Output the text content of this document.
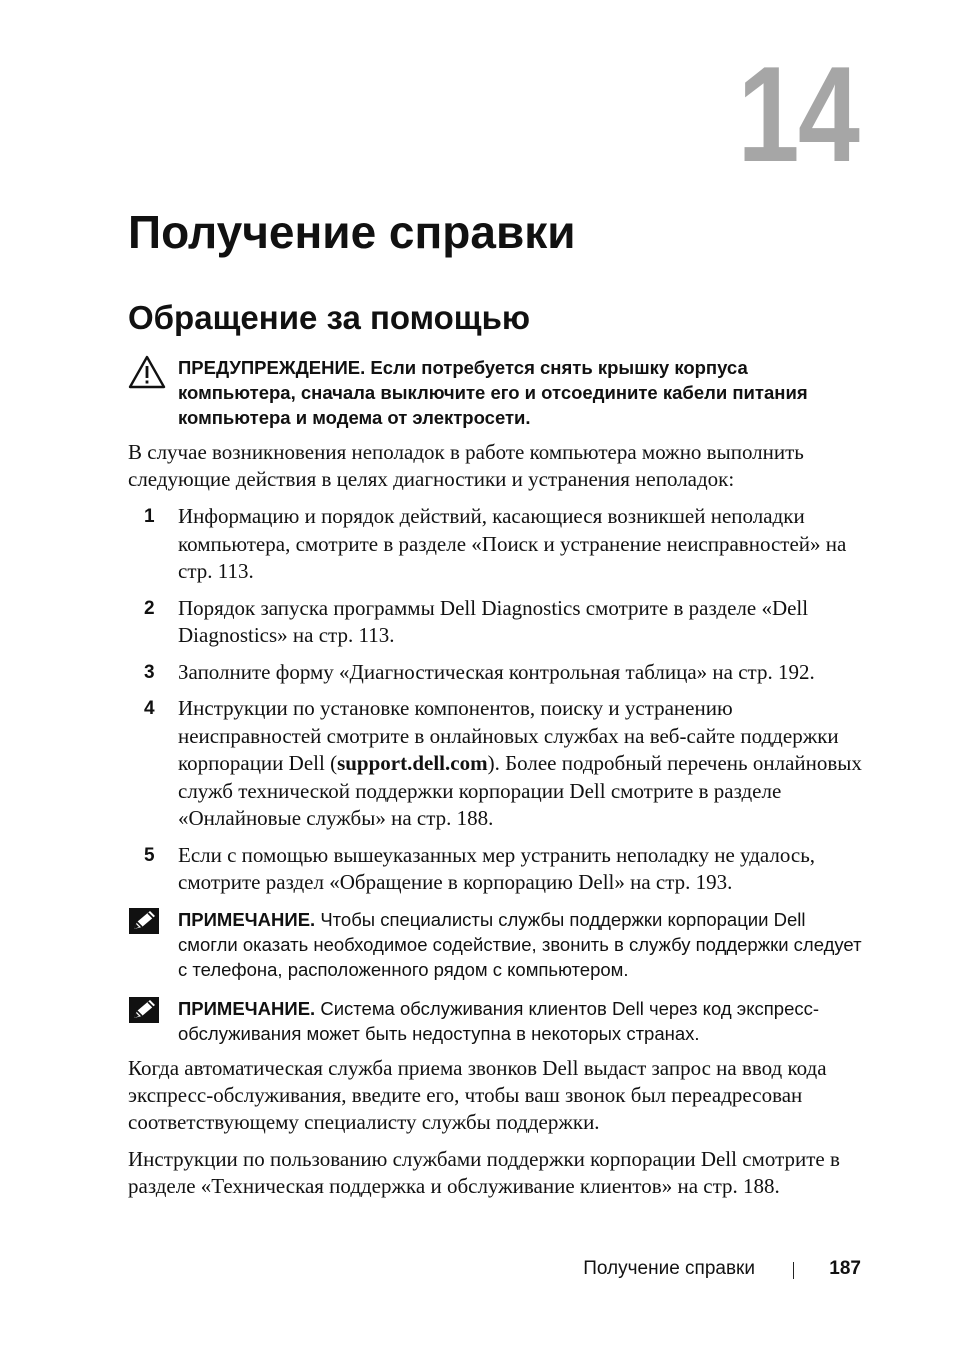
14
Получение справки
Обращение за помощью
ПРЕДУПРЕЖДЕНИЕ. Если потребуется снять крышку корпуса компьютера, сначала выключите его и отсоедините кабели питания компьютера и модема от электросети.

В случае возникновения неполадок в работе компьютера можно выполнить следующие действия в целях диагностики и устранения неполадок:

1 Информацию и порядок действий, касающиеся возникшей неполадки компьютера, смотрите в разделе «Поиск и устранение неисправностей» на стр. 113.
2 Порядок запуска программы Dell Diagnostics смотрите в разделе «Dell Diagnostics» на стр. 113.
3 Заполните форму «Диагностическая контрольная таблица» на стр. 192.
4 Инструкции по установке компонентов, поиску и устранению неисправностей смотрите в онлайновых службах на веб-сайте поддержки корпорации Dell (support.dell.com). Более подробный перечень онлайновых служб технической поддержки корпорации Dell смотрите в разделе «Онлайновые службы» на стр. 188.
5 Если с помощью вышеуказанных мер устранить неполадку не удалось, смотрите раздел «Обращение в корпорацию Dell» на стр. 193.
ПРИМЕЧАНИЕ. Чтобы специалисты службы поддержки корпорации Dell смогли оказать необходимое содействие, звонить в службу поддержки следует с телефона, расположенного рядом с компьютером.
ПРИМЕЧАНИЕ. Система обслуживания клиентов Dell через код экспресс-обслуживания может быть недоступна в некоторых странах.

Когда автоматическая служба приема звонков Dell выдаст запрос на ввод кода экспресс-обслуживания, введите его, чтобы ваш звонок был переадресован соответствующему специалисту службы поддержки.

Инструкции по пользованию службами поддержки корпорации Dell смотрите в разделе «Техническая поддержка и обслуживание клиентов» на стр. 188.

Получение справки	187
